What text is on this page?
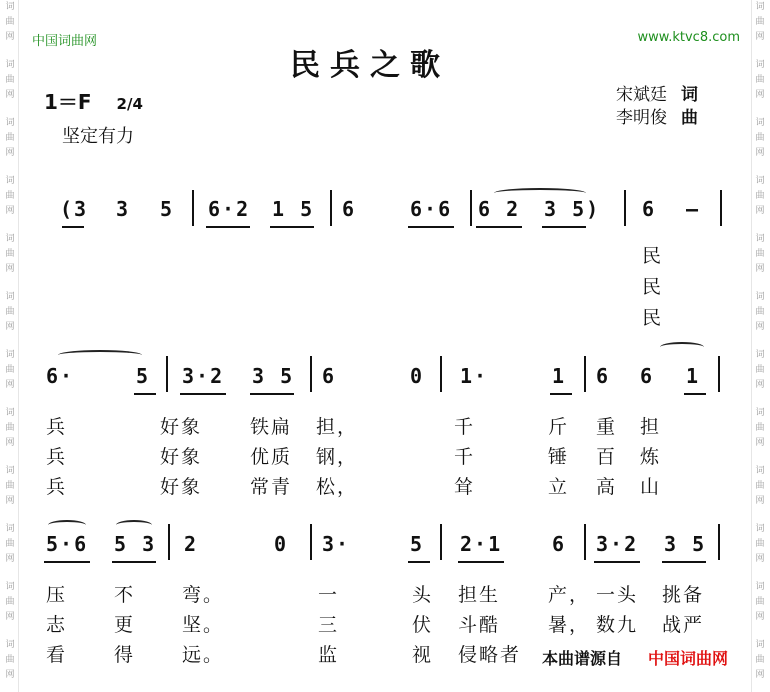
词
曲
网
词
曲
网
词
曲
网
词
曲
网
词
曲
网
词
曲
网
词
曲
网
词
曲
网
词
曲
网
词
曲
网
词
曲
网
词
曲
网
词
曲
网
词
曲
网
词
曲
网
词
曲
网
词
曲
网
词
曲
网
词
曲
网
词
曲
网
词
曲
网
词
曲
网
词
曲
网
词
曲
网
中国词曲网	www.ktvc8.com
民兵之歌
宋斌廷 词
李明俊 曲
1＝F 2/4
坚定有力
(3 3 5 6·2 1 5 6	6·6 6 2 3 5) 6 —
民
民
民
6·	5 3·2 3 5 6	0 1·	1 6 6 1
兵	好象	铁扁 担，	千	斤 重 担
兵	好象	优质 钢，	千	锤 百 炼
兵	好象	常青 松，	耸	立 高 山
5·6 5 3 2	0 3·	5 2·1 6 3·2 3 5
压 不 弯。	一	头 担生	产， 一头 挑备
志 更 坚。	三	伏 斗酷	暑， 数九 战严
看 得 远。	监	视 侵略 者 本曲谱源自 中国词曲网
